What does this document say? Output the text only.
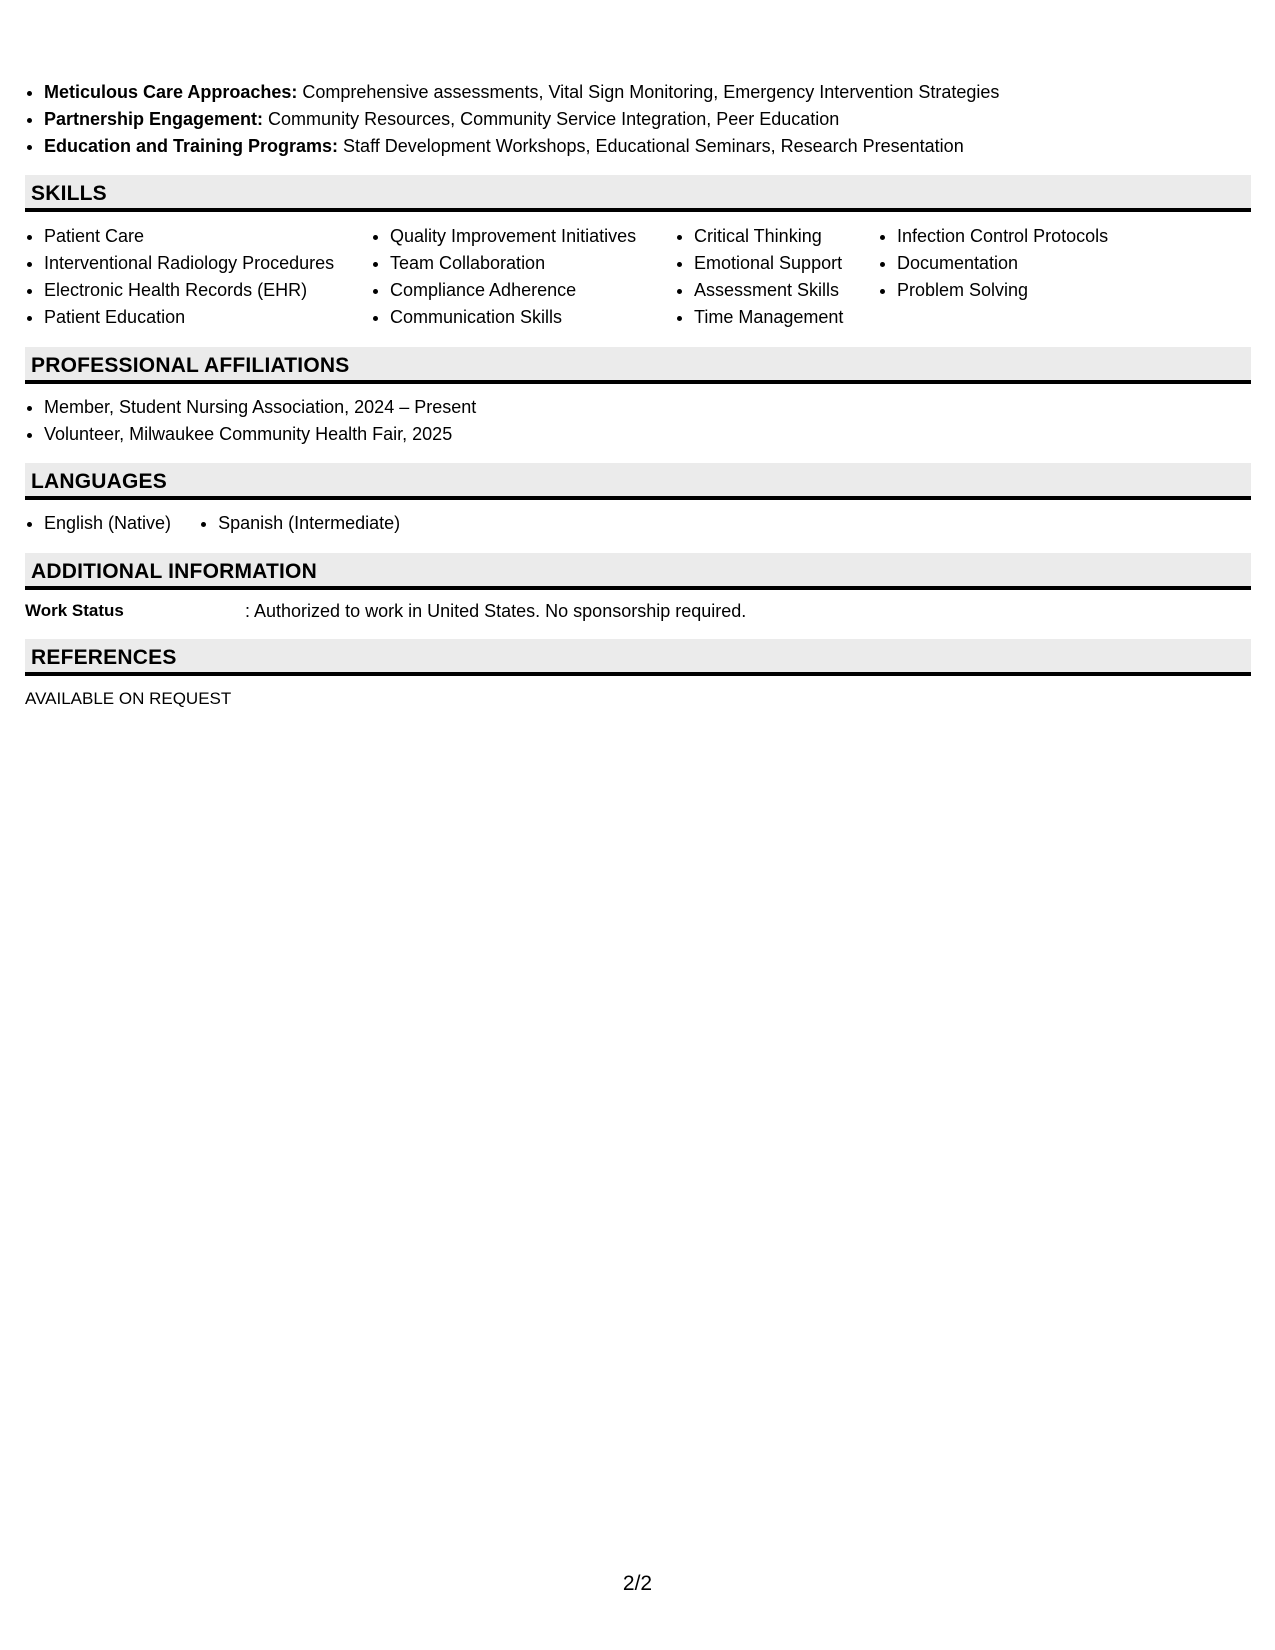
• Meticulous Care Approaches: Comprehensive assessments, Vital Sign Monitoring, Emergency Intervention Strategies
• Partnership Engagement: Community Resources, Community Service Integration, Peer Education
• Education and Training Programs: Staff Development Workshops, Educational Seminars, Research Presentation
SKILLS
• Patient Care
• Interventional Radiology Procedures
• Electronic Health Records (EHR)
• Patient Education
• Quality Improvement Initiatives
• Team Collaboration
• Compliance Adherence
• Communication Skills
• Critical Thinking
• Emotional Support
• Assessment Skills
• Time Management
• Infection Control Protocols
• Documentation
• Problem Solving
PROFESSIONAL AFFILIATIONS
• Member, Student Nursing Association, 2024 – Present
• Volunteer, Milwaukee Community Health Fair, 2025
LANGUAGES
• English (Native)

•	Spanish (Intermediate)
ADDITIONAL INFORMATION
Work Status	: Authorized to work in United States. No sponsorship required.
REFERENCES
AVAILABLE ON REQUEST
2/2
